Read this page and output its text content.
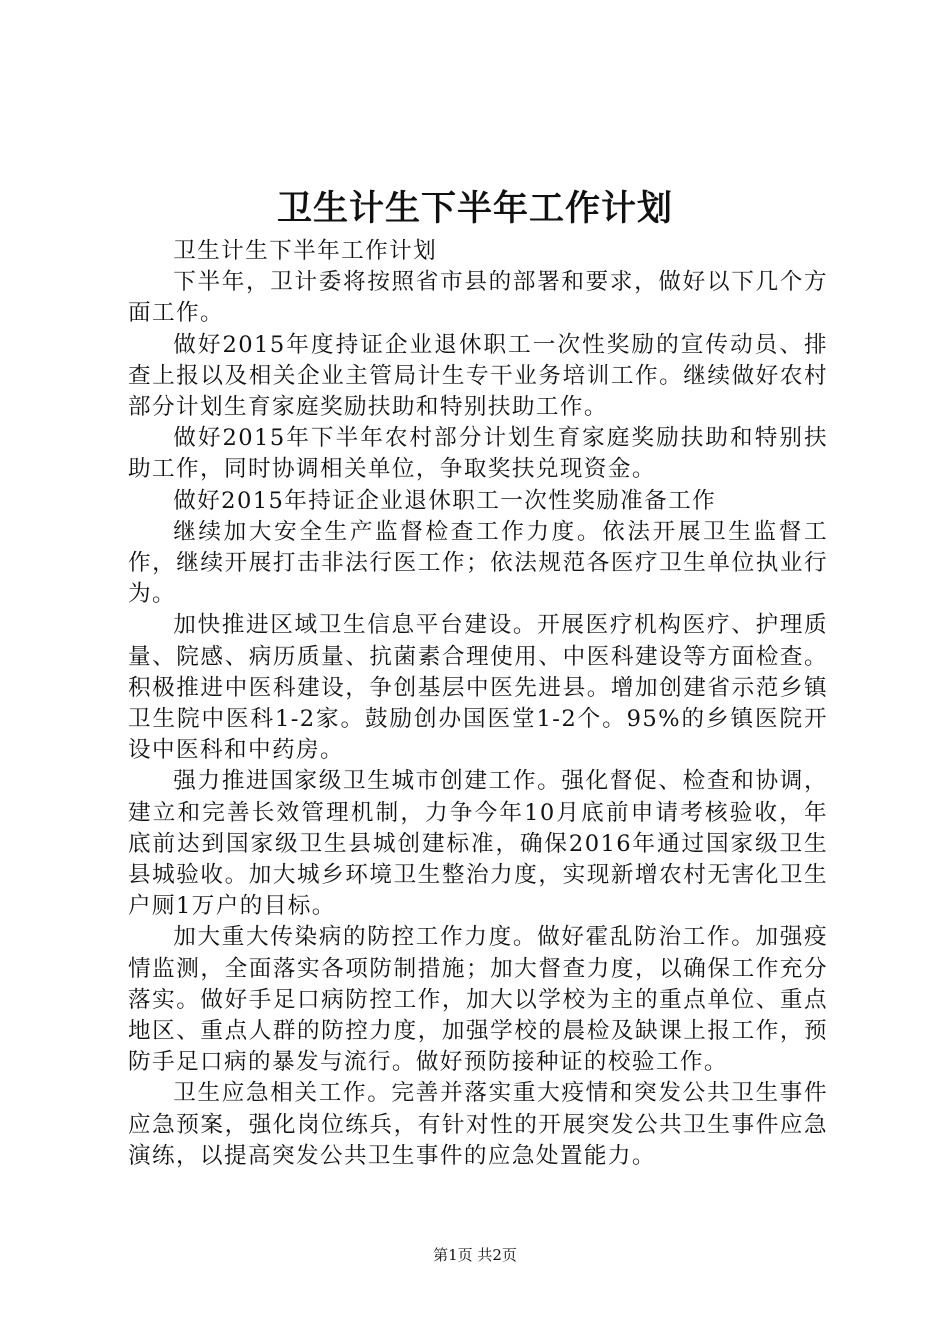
卫生计生下半年工作计划

卫生计生下半年工作计划

下半年，卫计委将按照省市县的部署和要求，做好以下几个方面工作。

做好2015年度持证企业退休职工一次性奖励的宣传动员、排查上报以及相关企业主管局计生专干业务培训工作。继续做好农村部分计划生育家庭奖励扶助和特别扶助工作。

做好2015年下半年农村部分计划生育家庭奖励扶助和特别扶助工作，同时协调相关单位，争取奖扶兑现资金。

做好2015年持证企业退休职工一次性奖励准备工作

继续加大安全生产监督检查工作力度。依法开展卫生监督工作，继续开展打击非法行医工作；依法规范各医疗卫生单位执业行为。

加快推进区域卫生信息平台建设。开展医疗机构医疗、护理质量、院感、病历质量、抗菌素合理使用、中医科建设等方面检查。积极推进中医科建设，争创基层中医先进县。增加创建省示范乡镇卫生院中医科1-2家。鼓励创办国医堂1-2个。95%的乡镇医院开设中医科和中药房。

强力推进国家级卫生城市创建工作。强化督促、检查和协调，建立和完善长效管理机制，力争今年10月底前申请考核验收，年底前达到国家级卫生县城创建标准，确保2016年通过国家级卫生县城验收。加大城乡环境卫生整治力度，实现新增农村无害化卫生户厕1万户的目标。

加大重大传染病的防控工作力度。做好霍乱防治工作。加强疫情监测，全面落实各项防制措施；加大督查力度，以确保工作充分落实。做好手足口病防控工作，加大以学校为主的重点单位、重点地区、重点人群的防控力度，加强学校的晨检及缺课上报工作，预防手足口病的暴发与流行。做好预防接种证的校验工作。

卫生应急相关工作。完善并落实重大疫情和突发公共卫生事件应急预案，强化岗位练兵，有针对性的开展突发公共卫生事件应急演练，以提高突发公共卫生事件的应急处置能力。

第1页 共2页
